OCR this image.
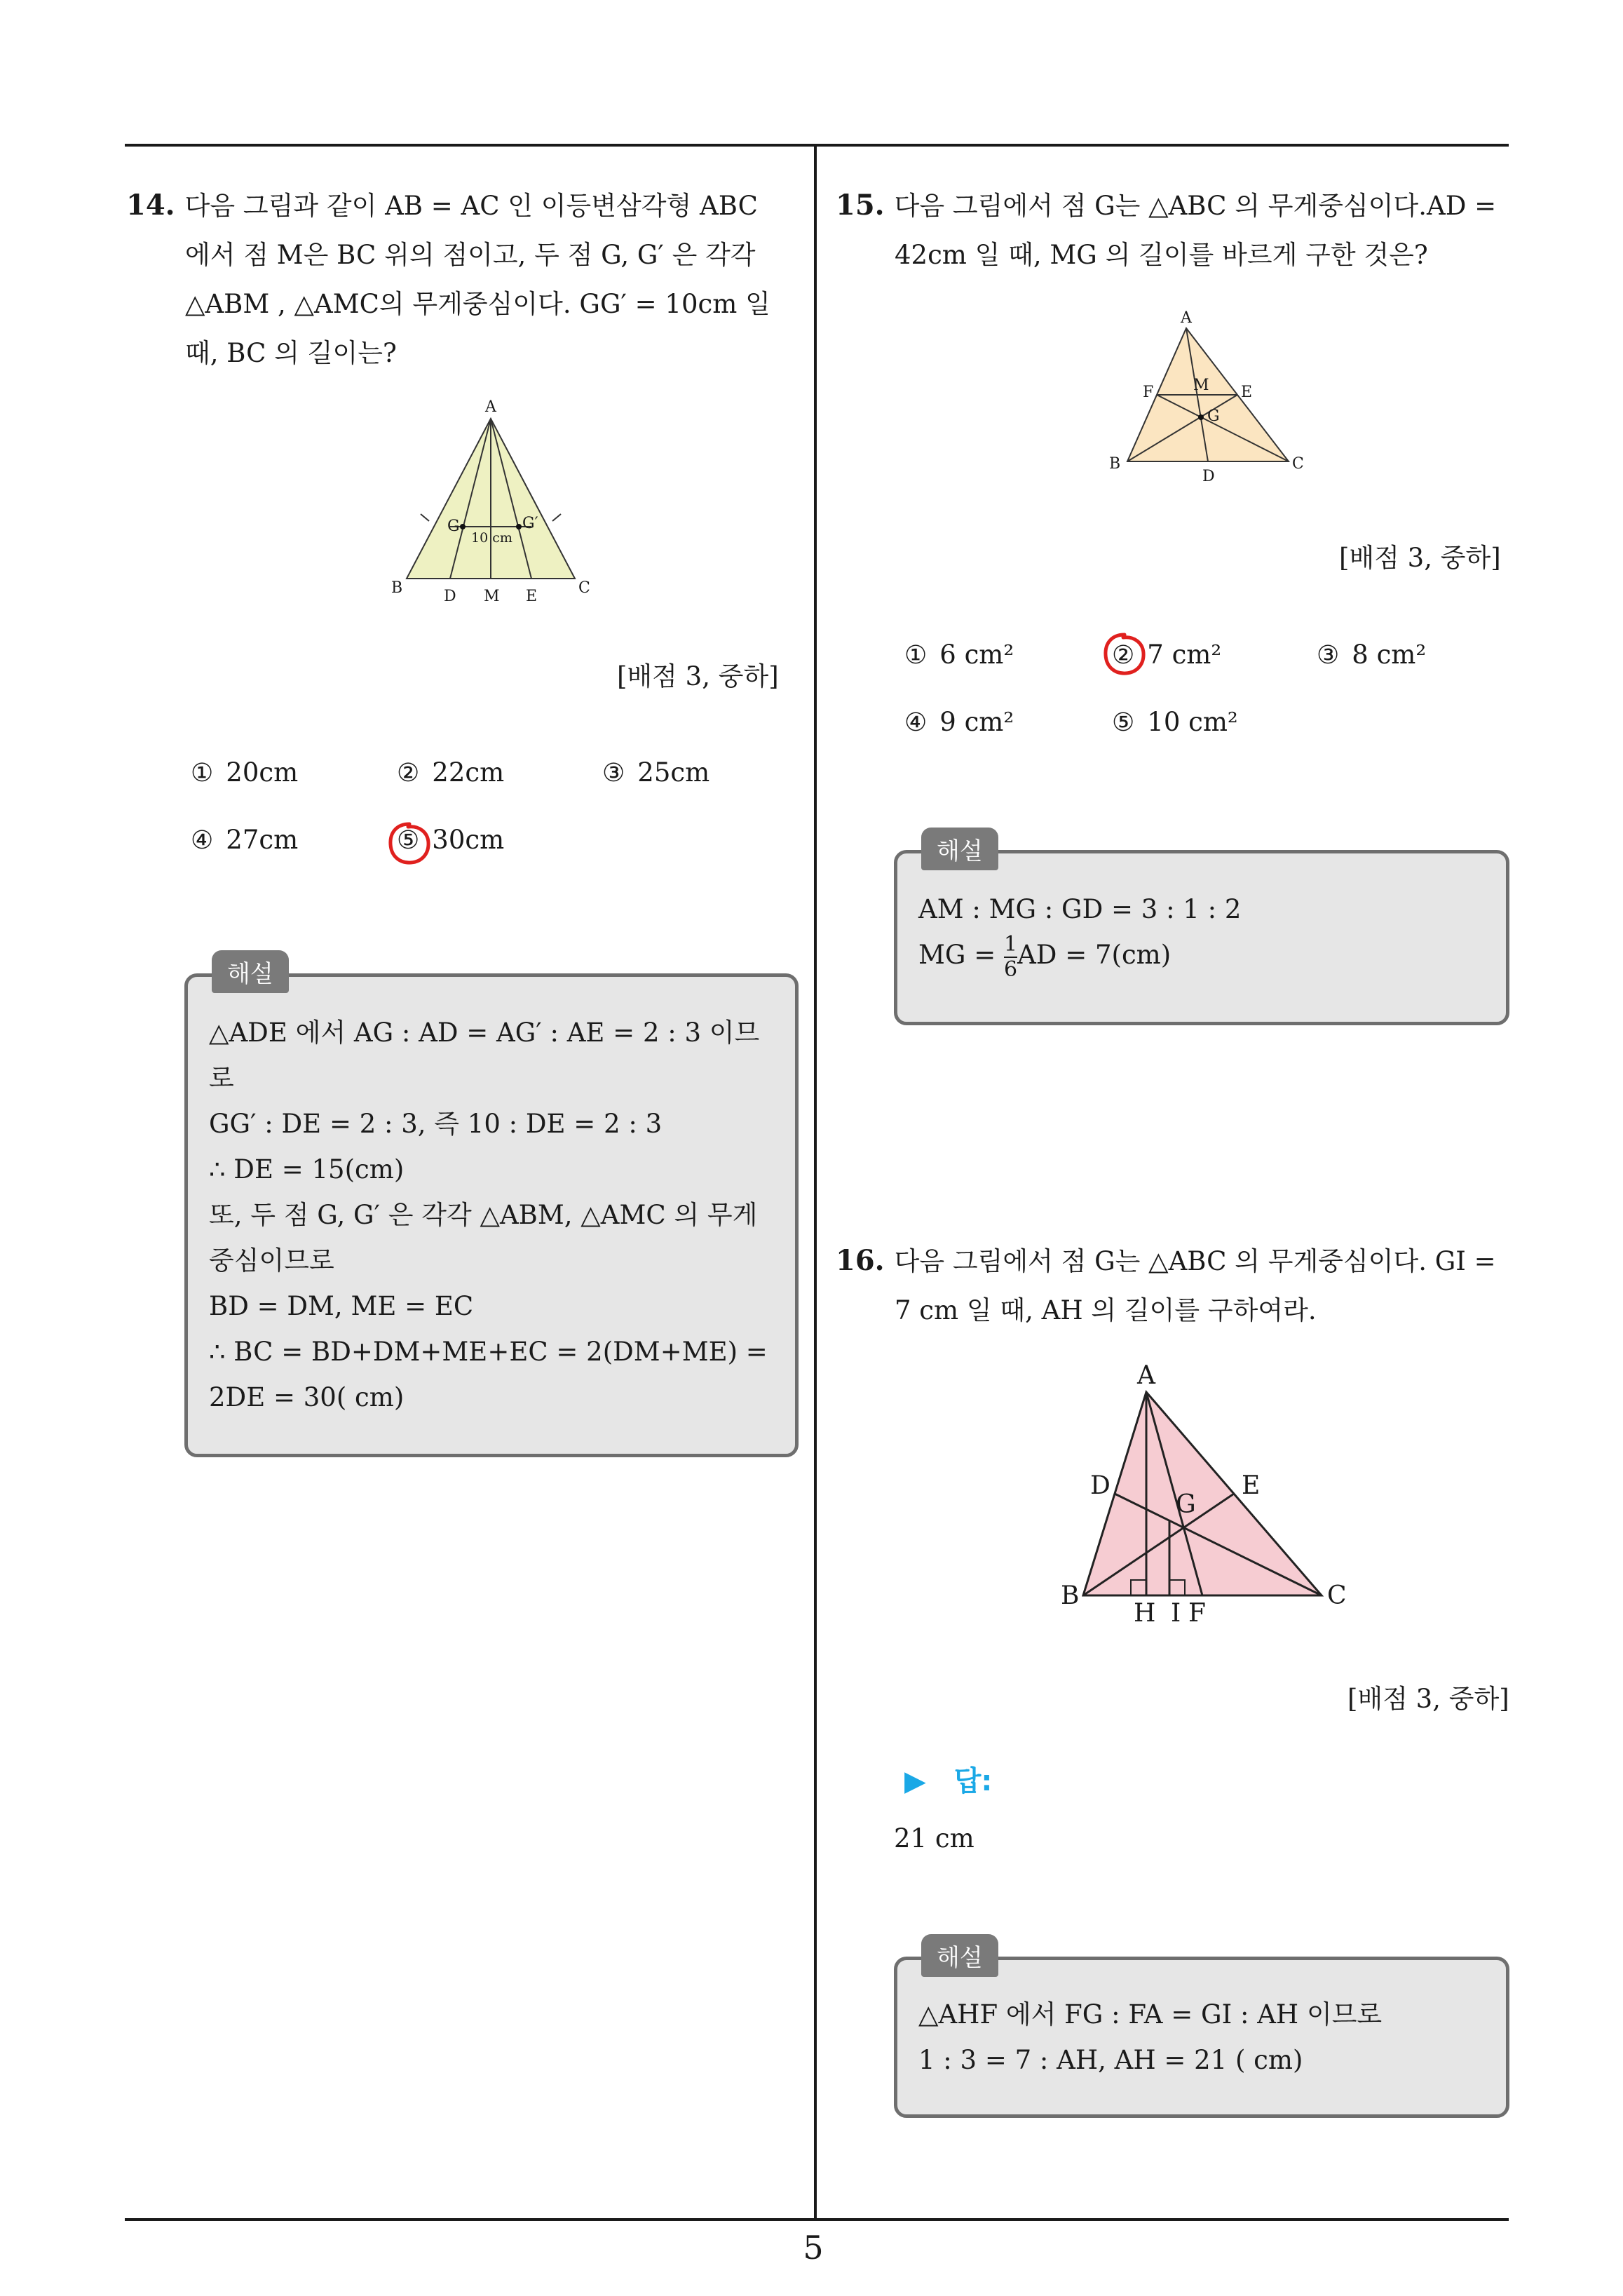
5
14. 다음 그림과 같이 AB = AC 인 이등변삼각형 ABC
에서 점 M은 BC 위의 점이고, 두 점 G, G′ 은 각각
△ABM , △AMC의 무게중심이다. GG′ = 10cm 일
때, BC 의 길이는?
A
B	C
D M E
G	G′
10 cm
[배점 3, 중하]
① 20cm	② 22cm	③ 25cm
④ 27cm	⑤ 30cm
해설
△ADE 에서 AG : AD = AG′ : AE = 2 : 3 이므
로
GG′ : DE = 2 : 3, 즉 10 : DE = 2 : 3
∴ DE = 15(cm)
또, 두 점 G, G′ 은 각각 △ABM, △AMC 의 무게
중심이므로
BD = DM, ME = EC
∴ BC = BD+DM+ME+EC = 2(DM+ME) =
2DE = 30( cm)
15. 다음 그림에서 점 G는 △ABC 의 무게중심이다.AD =
42cm 일 때, MG 의 길이를 바르게 구한 것은?
A
B	C
D
E
F	M
G
[배점 3, 중하]
① 6 cm²	② 7 cm²	③ 8 cm²
④ 9 cm²	⑤ 10 cm²
해설
AM : MG : GD = 3 : 1 : 2
MG = $\frac{1}{6}$ AD = 7(cm)
16. 다음 그림에서 점 G는 △ABC 의 무게중심이다. GI =
7 cm 일 때, AH 의 길이를 구하여라.
A
B	C
D	E
G
H I F
[배점 3, 중하]
▶ 답:
21 cm
해설
△AHF 에서 FG : FA = GI : AH 이므로
1 : 3 = 7 : AH, AH = 21 ( cm)
